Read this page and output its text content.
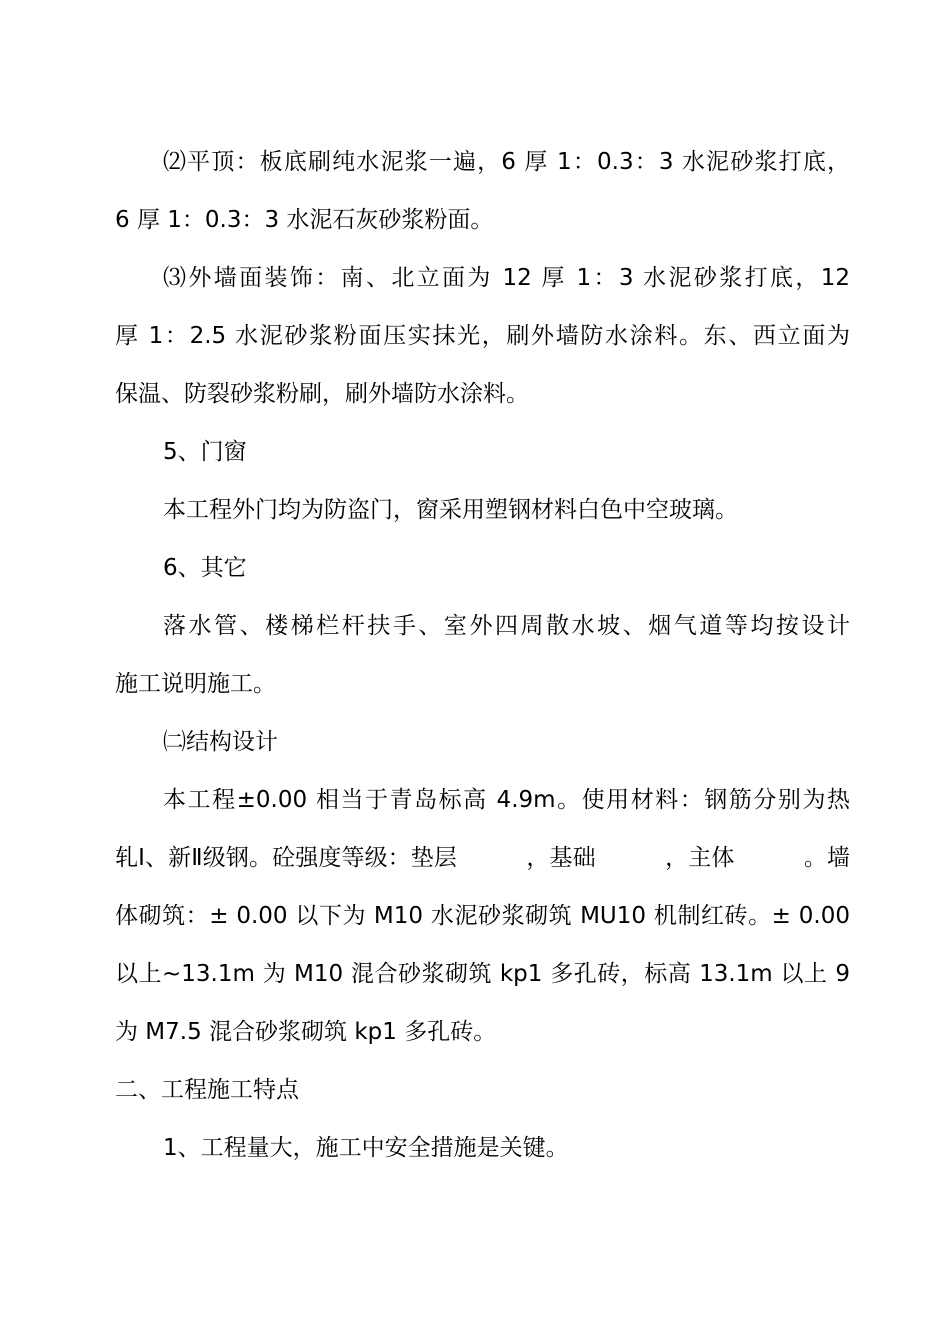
⑵平顶：板底刷纯水泥浆一遍，6 厚 1：0.3：3 水泥砂浆打底，
6 厚 1：0.3：3 水泥石灰砂浆粉面。
⑶外墙面装饰：南、北立面为 12 厚 1：3 水泥砂浆打底，12
厚 1：2.5 水泥砂浆粉面压实抹光，刷外墙防水涂料。东、西立面为
保温、防裂砂浆粉刷，刷外墙防水涂料。
5、门窗
本工程外门均为防盗门，窗采用塑钢材料白色中空玻璃。
6、其它
落水管、楼梯栏杆扶手、室外四周散水坡、烟气道等均按设计
施工说明施工。
㈡结构设计
本工程±0.00 相当于青岛标高 4.9m。使用材料：钢筋分别为热
轧Ⅰ、新Ⅱ级钢。砼强度等级：垫层　　　，基础　　　，主体　　　。墙
体砌筑：± 0.00 以下为 M10 水泥砂浆砌筑 MU10 机制红砖。± 0.00
以上~13.1m 为 M10 混合砂浆砌筑 kp1 多孔砖，标高 13.1m 以上 9
为 M7.5 混合砂浆砌筑 kp1 多孔砖。
二、工程施工特点
1、工程量大，施工中安全措施是关键。
